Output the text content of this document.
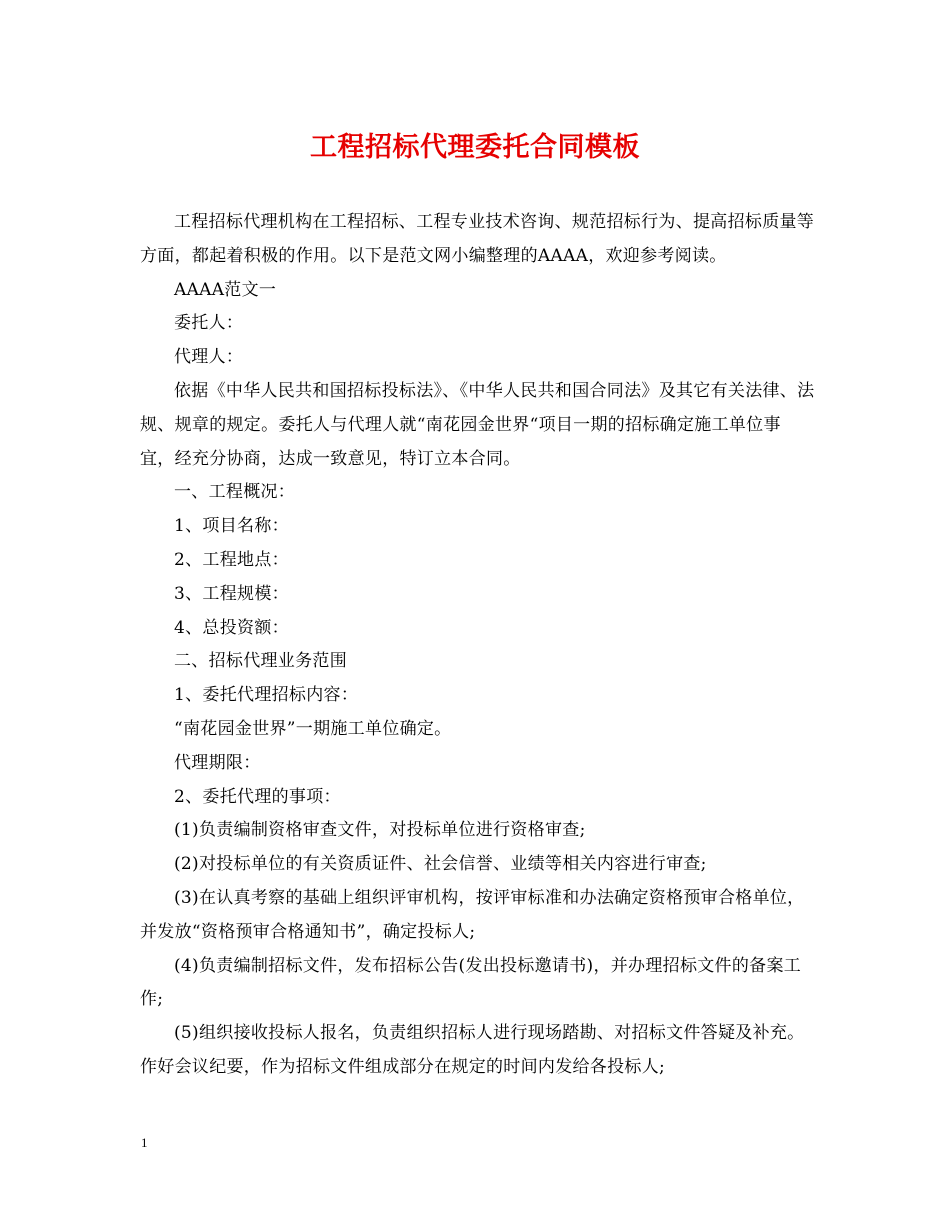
工程招标代理委托合同模板

工程招标代理机构在工程招标、工程专业技术咨询、规范招标行为、提高招标质量等方面，都起着积极的作用。以下是范文网小编整理的AAAA，欢迎参考阅读。

AAAA范文一

委托人：

代理人：

依据《中华人民共和国招标投标法》、《中华人民共和国合同法》及其它有关法律、法规、规章的规定。委托人与代理人就“南花园金世界“项目一期的招标确定施工单位事宜，经充分协商，达成一致意见，特订立本合同。

一、工程概况：

1、项目名称：

2、工程地点：

3、工程规模：

4、总投资额：

二、招标代理业务范围

1、委托代理招标内容：

“南花园金世界”一期施工单位确定。

代理期限：

2、委托代理的事项：

(1)负责编制资格审查文件，对投标单位进行资格审查;

(2)对投标单位的有关资质证件、社会信誉、业绩等相关内容进行审查;

(3)在认真考察的基础上组织评审机构，按评审标准和办法确定资格预审合格单位，并发放“资格预审合格通知书”，确定投标人;

(4)负责编制招标文件，发布招标公告(发出投标邀请书)，并办理招标文件的备案工作;

(5)组织接收投标人报名，负责组织招标人进行现场踏勘、对招标文件答疑及补充。作好会议纪要，作为招标文件组成部分在规定的时间内发给各投标人;

1
